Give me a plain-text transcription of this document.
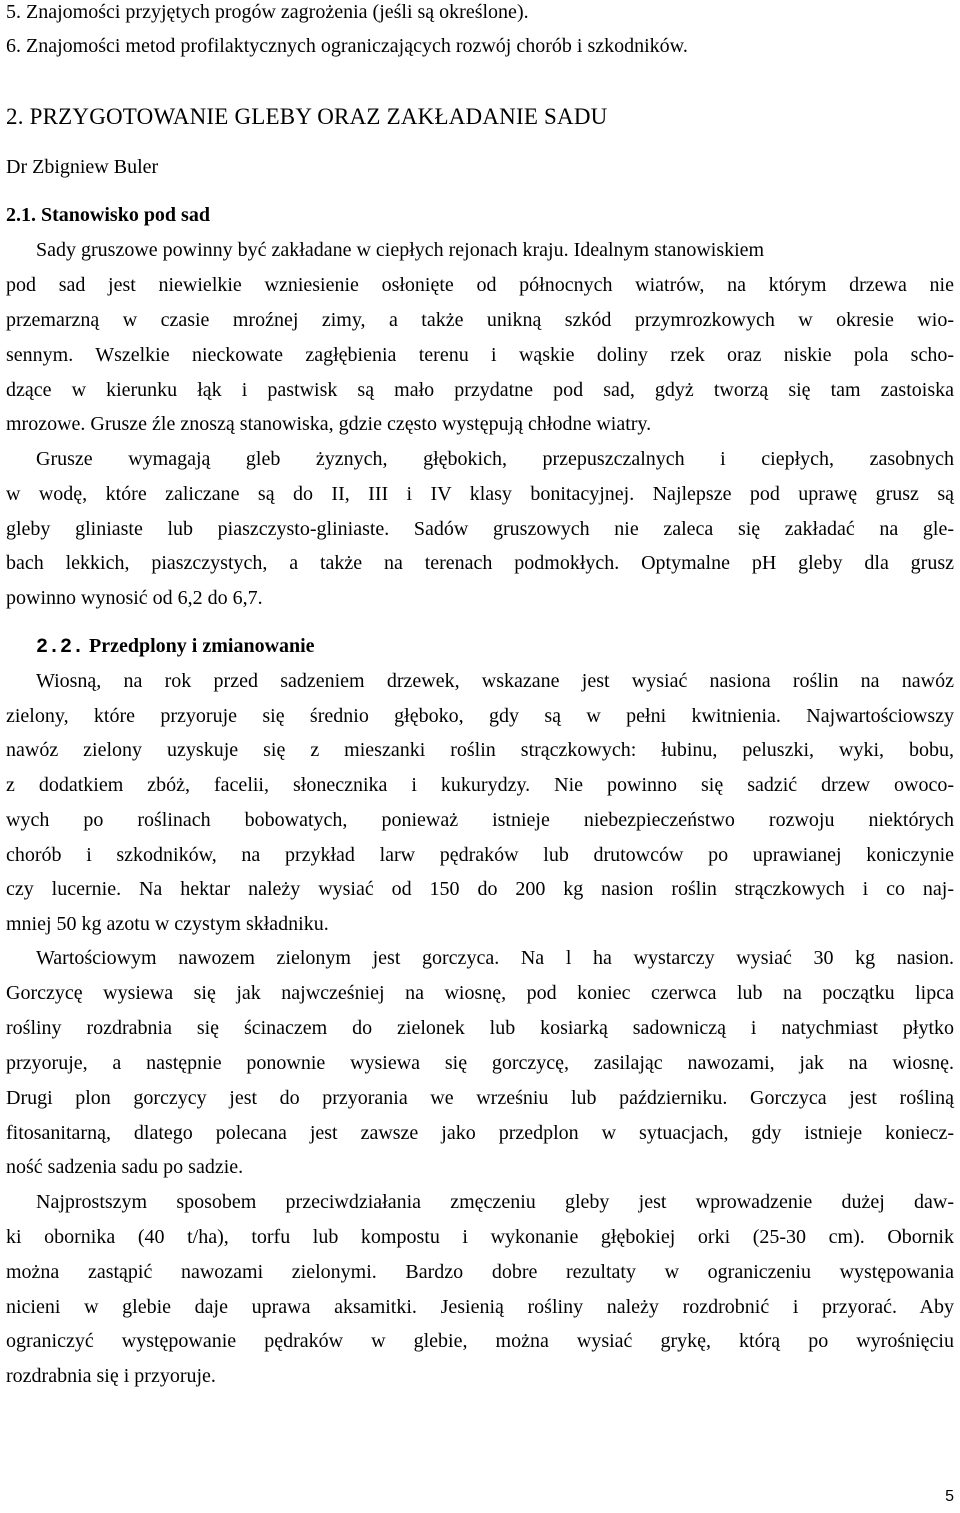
5. Znajomości przyjętych progów zagrożenia (jeśli są określone).
6. Znajomości metod profilaktycznych ograniczających rozwój chorób i szkodników.
2. PRZYGOTOWANIE GLEBY ORAZ ZAKŁADANIE SADU
Dr Zbigniew Buler
2.1. Stanowisko pod sad
Sady gruszowe powinny być zakładane w ciepłych rejonach kraju. Idealnym stanowiskiem
pod sad jest niewielkie wzniesienie osłonięte od północnych wiatrów, na którym drzewa nie
przemarzną w czasie mroźnej zimy, a także unikną szkód przymrozkowych w okresie wio-
sennym. Wszelkie nieckowate zagłębienia terenu i wąskie doliny rzek oraz niskie pola scho-
dzące w kierunku łąk i pastwisk są mało przydatne pod sad, gdyż tworzą się tam zastoiska
mrozowe. Grusze źle znoszą stanowiska, gdzie często występują chłodne wiatry.
Grusze wymagają gleb żyznych, głębokich, przepuszczalnych i ciepłych, zasobnych
w wodę, które zaliczane są do II, III i IV klasy bonitacyjnej. Najlepsze pod uprawę grusz są
gleby gliniaste lub piaszczysto-gliniaste. Sadów gruszowych nie zaleca się zakładać na gle-
bach lekkich, piaszczystych, a także na terenach podmokłych. Optymalne pH gleby dla grusz
powinno wynosić od 6,2 do 6,7.
2.2. Przedplony i zmianowanie
Wiosną, na rok przed sadzeniem drzewek, wskazane jest wysiać nasiona roślin na nawóz
zielony, które przyoruje się średnio głęboko, gdy są w pełni kwitnienia. Najwartościowszy
nawóz zielony uzyskuje się z mieszanki roślin strączkowych: łubinu, peluszki, wyki, bobu,
z dodatkiem zbóż, facelii, słonecznika i kukurydzy. Nie powinno się sadzić drzew owoco-
wych po roślinach bobowatych, ponieważ istnieje niebezpieczeństwo rozwoju niektórych
chorób i szkodników, na przykład larw pędraków lub drutowców po uprawianej koniczynie
czy lucernie. Na hektar należy wysiać od 150 do 200 kg nasion roślin strączkowych i co naj-
mniej 50 kg azotu w czystym składniku.
Wartościowym nawozem zielonym jest gorczyca. Na l ha wystarczy wysiać 30 kg nasion.
Gorczycę wysiewa się jak najwcześniej na wiosnę, pod koniec czerwca lub na początku lipca
rośliny rozdrabnia się ścinaczem do zielonek lub kosiarką sadowniczą i natychmiast płytko
przyoruje, a następnie ponownie wysiewa się gorczycę, zasilając nawozami, jak na wiosnę.
Drugi plon gorczycy jest do przyorania we wrześniu lub październiku. Gorczyca jest rośliną
fitosanitarną, dlatego polecana jest zawsze jako przedplon w sytuacjach, gdy istnieje koniecz-
ność sadzenia sadu po sadzie.
Najprostszym sposobem przeciwdziałania zmęczeniu gleby jest wprowadzenie dużej daw-
ki obornika (40 t/ha), torfu lub kompostu i wykonanie głębokiej orki (25-30 cm). Obornik
można zastąpić nawozami zielonymi. Bardzo dobre rezultaty w ograniczeniu występowania
nicieni w glebie daje uprawa aksamitki. Jesienią rośliny należy rozdrobnić i przyorać. Aby
ograniczyć występowanie pędraków w glebie, można wysiać grykę, którą po wyrośnięciu
rozdrabnia się i przyoruje.
5
